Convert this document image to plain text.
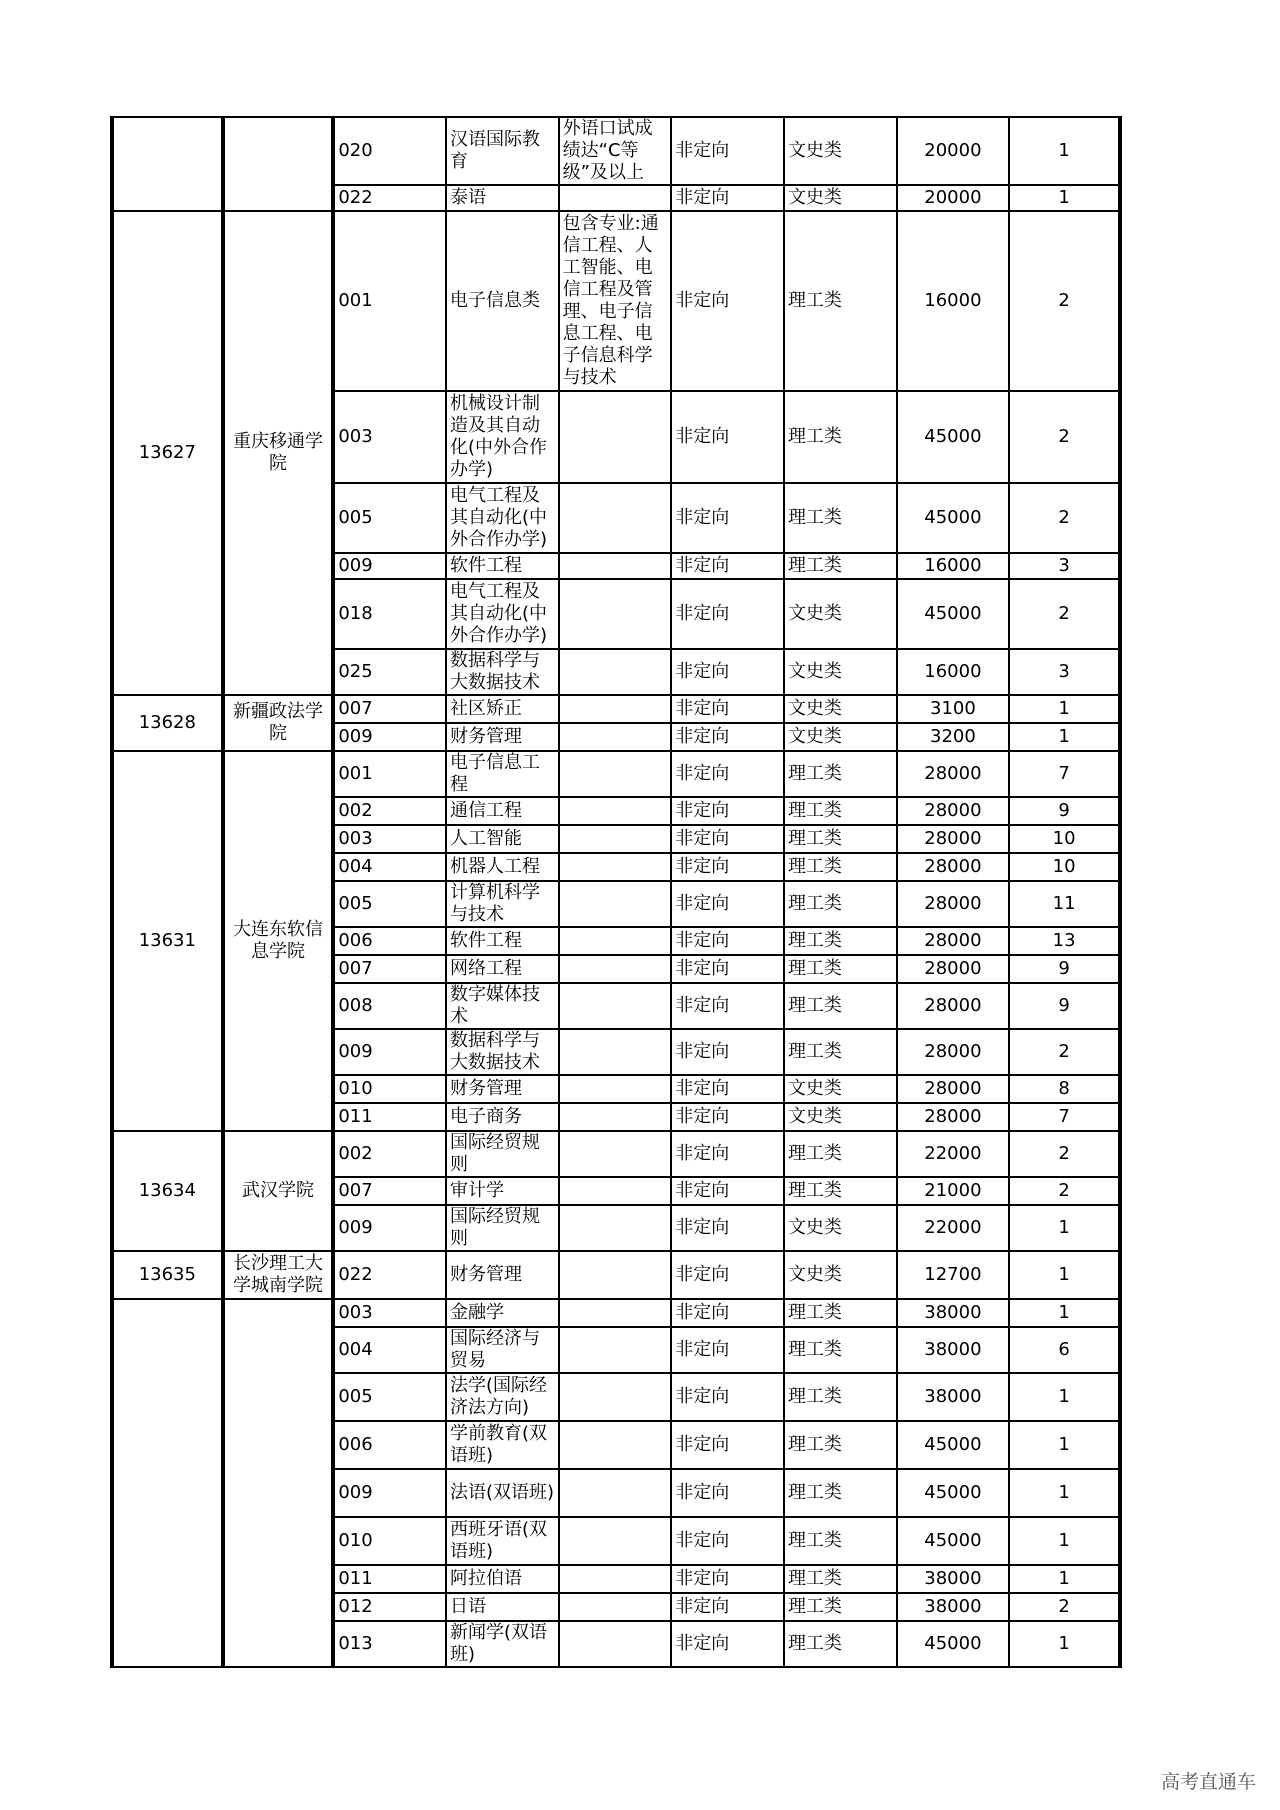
		020	汉语国际教育	外语口试成绩达“C等级”及以上	非定向	文史类	20000	1
		022	泰语		非定向	文史类	20000	1
13627	重庆移通学院	001	电子信息类	包含专业:通信工程、人工智能、电信工程及管理、电子信息工程、电子信息科学与技术	非定向	理工类	16000	2
		003	机械设计制造及其自动化(中外合作办学)		非定向	理工类	45000	2
		005	电气工程及其自动化(中外合作办学)		非定向	理工类	45000	2
		009	软件工程		非定向	理工类	16000	3
		018	电气工程及其自动化(中外合作办学)		非定向	文史类	45000	2
		025	数据科学与大数据技术		非定向	文史类	16000	3
13628	新疆政法学院	007	社区矫正		非定向	文史类	3100	1
		009	财务管理		非定向	文史类	3200	1
13631	大连东软信息学院	001	电子信息工程		非定向	理工类	28000	7
		002	通信工程		非定向	理工类	28000	9
		003	人工智能		非定向	理工类	28000	10
		004	机器人工程		非定向	理工类	28000	10
		005	计算机科学与技术		非定向	理工类	28000	11
		006	软件工程		非定向	理工类	28000	13
		007	网络工程		非定向	理工类	28000	9
		008	数字媒体技术		非定向	理工类	28000	9
		009	数据科学与大数据技术		非定向	理工类	28000	2
		010	财务管理		非定向	文史类	28000	8
		011	电子商务		非定向	文史类	28000	7
13634	武汉学院	002	国际经贸规则		非定向	理工类	22000	2
		007	审计学		非定向	理工类	21000	2
		009	国际经贸规则		非定向	文史类	22000	1
13635	长沙理工大学城南学院	022	财务管理		非定向	文史类	12700	1
		003	金融学		非定向	理工类	38000	1
		004	国际经济与贸易		非定向	理工类	38000	6
		005	法学(国际经济法方向)		非定向	理工类	38000	1
		006	学前教育(双语班)		非定向	理工类	45000	1
		009	法语(双语班)		非定向	理工类	45000	1
		010	西班牙语(双语班)		非定向	理工类	45000	1
		011	阿拉伯语		非定向	理工类	38000	1
		012	日语		非定向	理工类	38000	2
		013	新闻学(双语班)		非定向	理工类	45000	1
高考直通车
